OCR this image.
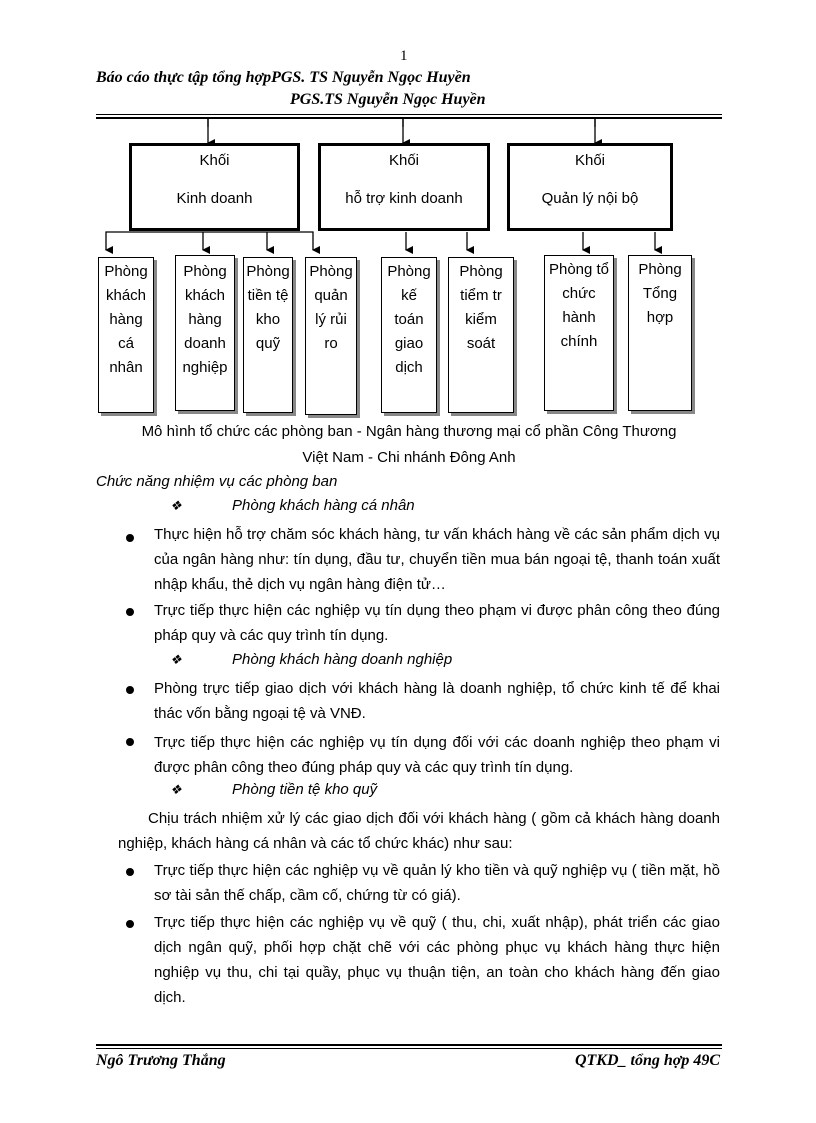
1
Báo cáo thực tập tổng hợpPGS. TS Nguyễn Ngọc Huyền
PGS.TS Nguyễn Ngọc Huyền
Khối
Kinh doanh
Khối
hỗ trợ kinh doanh
Khối
Quản lý nội bộ
Phòng
khách
hàng
cá
nhân
Phòng
khách
hàng
doanh
nghiệp
Phòng
tiền tệ
kho
quỹ
Phòng
quản
lý rủi
ro
Phòng
kế
toán
giao
dịch
Phòng
tiểm tr
kiểm
soát
Phòng tổ
chức
hành
chính
Phòng
Tổng
hợp
Mô hình tổ chức các phòng ban - Ngân hàng thương mại cổ phần Công Thương
Việt Nam - Chi nhánh Đông Anh
Chức năng nhiệm vụ các phòng ban
❖	Phòng khách hàng cá nhân
Thực hiện hỗ trợ chăm sóc khách hàng, tư vấn khách hàng về các sản phẩm dịch vụ của ngân hàng như: tín dụng, đầu tư, chuyển tiền mua bán ngoại tệ, thanh toán xuất nhập khẩu, thẻ dịch vụ ngân hàng điện tử…
Trực tiếp thực hiện các nghiệp vụ tín dụng theo phạm vi được phân công theo đúng pháp quy và các quy trình tín dụng.
❖	Phòng khách hàng doanh nghiệp
Phòng trực tiếp giao dịch với khách hàng là doanh nghiệp, tổ chức kinh tế để khai thác vốn bằng ngoại tệ và VNĐ.
Trực tiếp thực hiện các nghiệp vụ tín dụng đối với các doanh nghiệp theo phạm vi được phân công theo đúng pháp quy và các quy trình tín dụng.
❖	Phòng tiền tệ kho quỹ
Chịu trách nhiệm xử lý các giao dịch đối với khách hàng ( gồm cả khách hàng doanh nghiệp, khách hàng cá nhân và các tổ chức khác) như sau:
Trực tiếp thực hiện các nghiệp vụ về quản lý kho tiền và quỹ nghiệp vụ ( tiền mặt, hồ sơ tài sản thế chấp, cầm cố, chứng từ có giá).
Trực tiếp thực hiện các nghiệp vụ về quỹ ( thu, chi, xuất nhập), phát triển các giao dịch ngân quỹ, phối hợp chặt chẽ với các phòng phục vụ khách hàng thực hiện nghiệp vụ thu, chi tại quầy, phục vụ thuận tiện, an toàn cho khách hàng đến giao dịch.
Ngô Trương Thắng	QTKD_ tổng hợp 49C
